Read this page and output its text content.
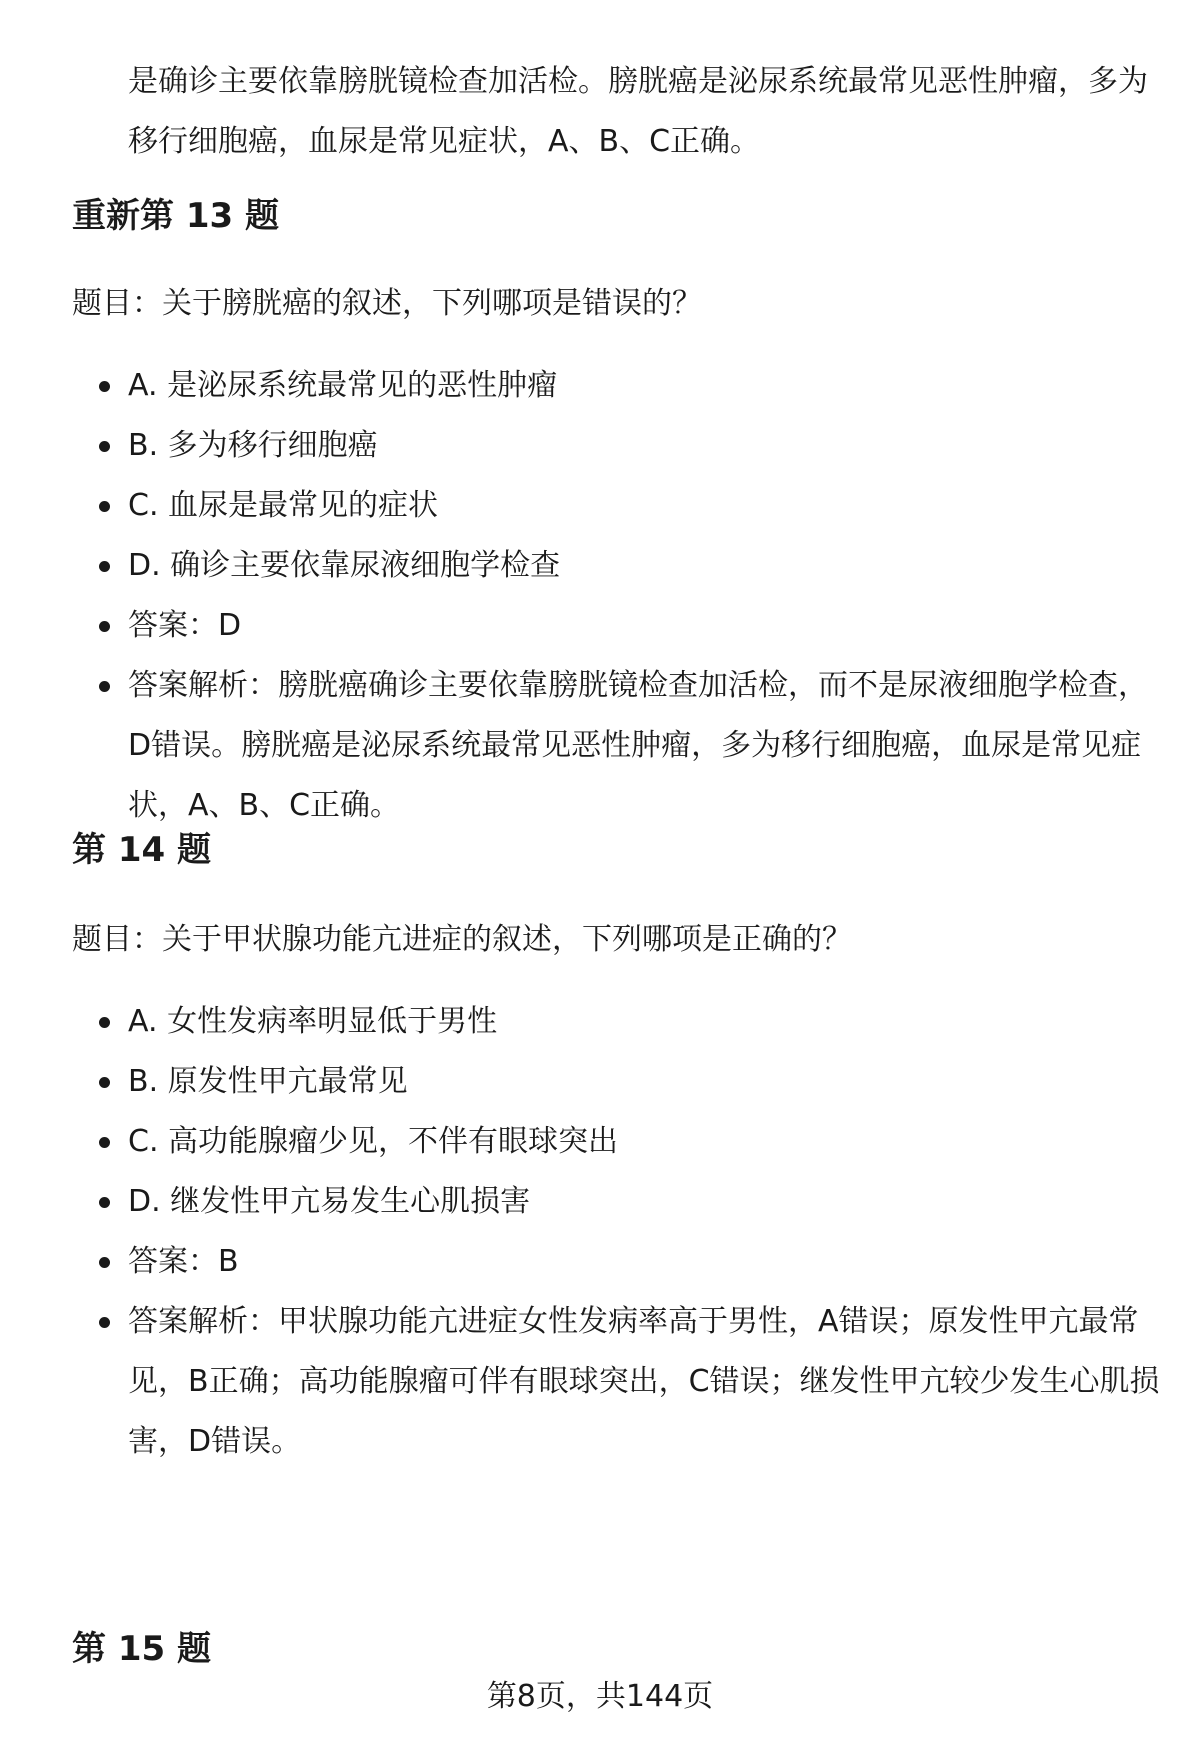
是确诊主要依靠膀胱镜检查加活检。膀胱癌是泌尿系统最常见恶性肿瘤，多为移行细胞癌，血尿是常见症状，A、B、C正确。

重新第 13 题

题目：关于膀胱癌的叙述，下列哪项是错误的？

A. 是泌尿系统最常见的恶性肿瘤
B. 多为移行细胞癌
C. 血尿是最常见的症状
D. 确诊主要依靠尿液细胞学检查
答案：D
答案解析：膀胱癌确诊主要依靠膀胱镜检查加活检，而不是尿液细胞学检查，D错误。膀胱癌是泌尿系统最常见恶性肿瘤，多为移行细胞癌，血尿是常见症状，A、B、C正确。
第 14 题

题目：关于甲状腺功能亢进症的叙述，下列哪项是正确的？

A. 女性发病率明显低于男性
B. 原发性甲亢最常见
C. 高功能腺瘤少见，不伴有眼球突出
D. 继发性甲亢易发生心肌损害
答案：B
答案解析：甲状腺功能亢进症女性发病率高于男性，A错误；原发性甲亢最常见，B正确；高功能腺瘤可伴有眼球突出，C错误；继发性甲亢较少发生心肌损害，D错误。
第 15 题
第8页，共144页
